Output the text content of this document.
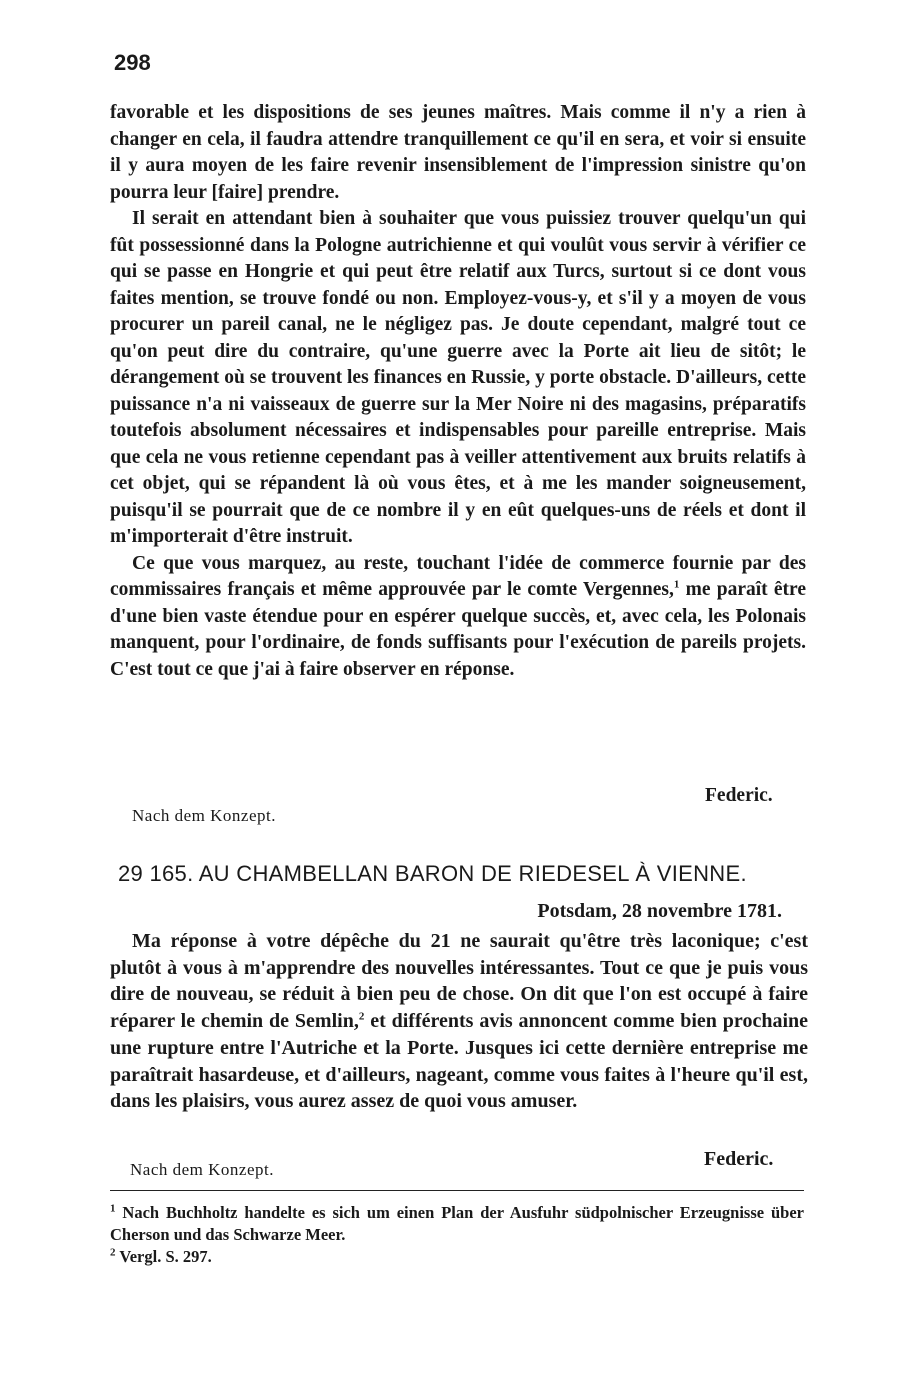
298

favorable et les dispositions de ses jeunes maîtres. Mais comme il n'y a rien à changer en cela, il faudra attendre tranquillement ce qu'il en sera, et voir si ensuite il y aura moyen de les faire revenir insensiblement de l'impression sinistre qu'on pourra leur [faire] prendre.

Il serait en attendant bien à souhaiter que vous puissiez trouver quelqu'un qui fût possessionné dans la Pologne autrichienne et qui voulût vous servir à vérifier ce qui se passe en Hongrie et qui peut être relatif aux Turcs, surtout si ce dont vous faites mention, se trouve fondé ou non. Employez-vous-y, et s'il y a moyen de vous procurer un pareil canal, ne le négligez pas. Je doute cependant, malgré tout ce qu'on peut dire du contraire, qu'une guerre avec la Porte ait lieu de sitôt; le dérangement où se trouvent les finances en Russie, y porte obstacle. D'ailleurs, cette puissance n'a ni vaisseaux de guerre sur la Mer Noire ni des magasins, préparatifs toutefois absolument nécessaires et indispensables pour pareille entreprise. Mais que cela ne vous retienne cependant pas à veiller attentivement aux bruits relatifs à cet objet, qui se répandent là où vous êtes, et à me les mander soigneusement, puisqu'il se pourrait que de ce nombre il y en eût quelques-uns de réels et dont il m'importerait d'être instruit.

Ce que vous marquez, au reste, touchant l'idée de commerce fournie par des commissaires français et même approuvée par le comte Vergennes,$^1$ me paraît être d'une bien vaste étendue pour en espérer quelque succès, et, avec cela, les Polonais manquent, pour l'ordinaire, de fonds suffisants pour l'exécution de pareils projets. C'est tout ce que j'ai à faire observer en réponse.

Federic.
Nach dem Konzept.
29 165. AU CHAMBELLAN BARON DE RIEDESEL À VIENNE.
Potsdam, 28 novembre 1781.

Ma réponse à votre dépêche du 21 ne saurait qu'être très laconique; c'est plutôt à vous à m'apprendre des nouvelles intéressantes. Tout ce que je puis vous dire de nouveau, se réduit à bien peu de chose. On dit que l'on est occupé à faire réparer le chemin de Semlin,$^2$ et différents avis annoncent comme bien prochaine une rupture entre l'Autriche et la Porte. Jusques ici cette dernière entreprise me paraîtrait hasardeuse, et d'ailleurs, nageant, comme vous faites à l'heure qu'il est, dans les plaisirs, vous aurez assez de quoi vous amuser.

Federic.
Nach dem Konzept.

$^1$ Nach Buchholtz handelte es sich um einen Plan der Ausfuhr südpolnischer Erzeugnisse über Cherson und das Schwarze Meer.

$^2$ Vergl. S. 297.
